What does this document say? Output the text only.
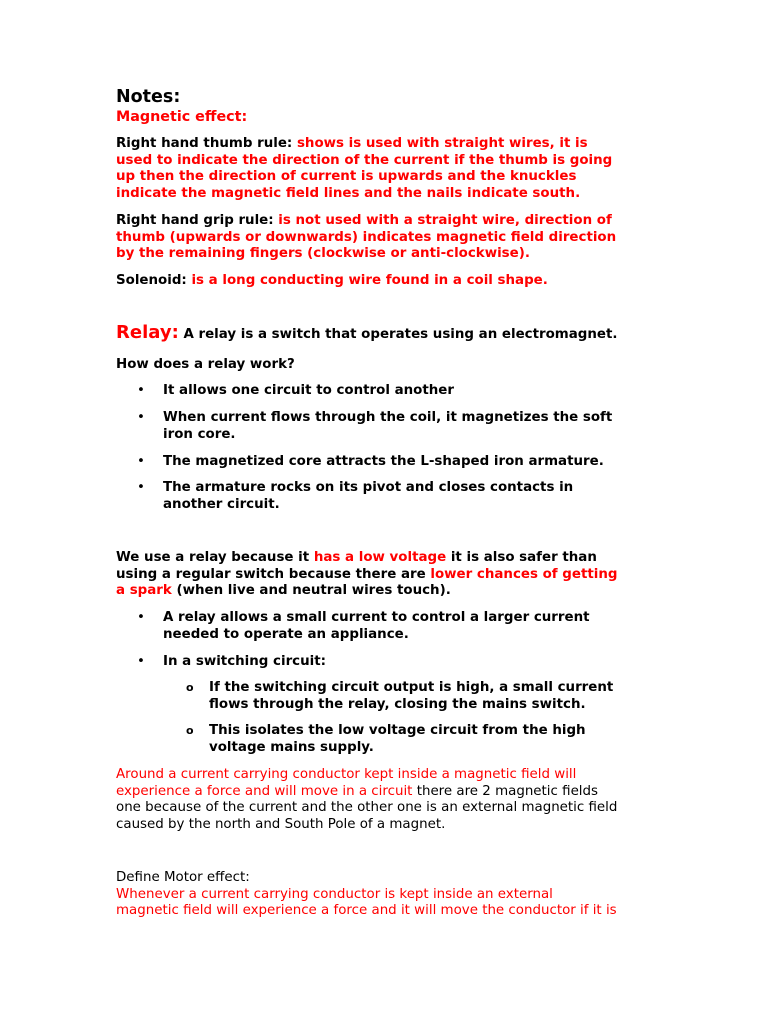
Notes:
Magnetic effect:
Right hand thumb rule: shows is used with straight wires, it is
used to indicate the direction of the current if the thumb is going
up then the direction of current is upwards and the knuckles
indicate the magnetic field lines and the nails indicate south.
Right hand grip rule: is not used with a straight wire, direction of
thumb (upwards or downwards) indicates magnetic field direction
by the remaining fingers (clockwise or anti-clockwise).
Solenoid: is a long conducting wire found in a coil shape.
Relay: A relay is a switch that operates using an electromagnet.
How does a relay work?
• It allows one circuit to control another
• When current flows through the coil, it magnetizes the soft
iron core.
• The magnetized core attracts the L-shaped iron armature.
• The armature rocks on its pivot and closes contacts in
another circuit.
We use a relay because it has a low voltage it is also safer than
using a regular switch because there are lower chances of getting
a spark (when live and neutral wires touch).
• A relay allows a small current to control a larger current
needed to operate an appliance.
• In a switching circuit:
o If the switching circuit output is high, a small current
flows through the relay, closing the mains switch.
o This isolates the low voltage circuit from the high
voltage mains supply.
Around a current carrying conductor kept inside a magnetic field will
experience a force and will move in a circuit there are 2 magnetic fields
one because of the current and the other one is an external magnetic field
caused by the north and South Pole of a magnet.
Define Motor effect:
Whenever a current carrying conductor is kept inside an external
magnetic field will experience a force and it will move the conductor if it is
